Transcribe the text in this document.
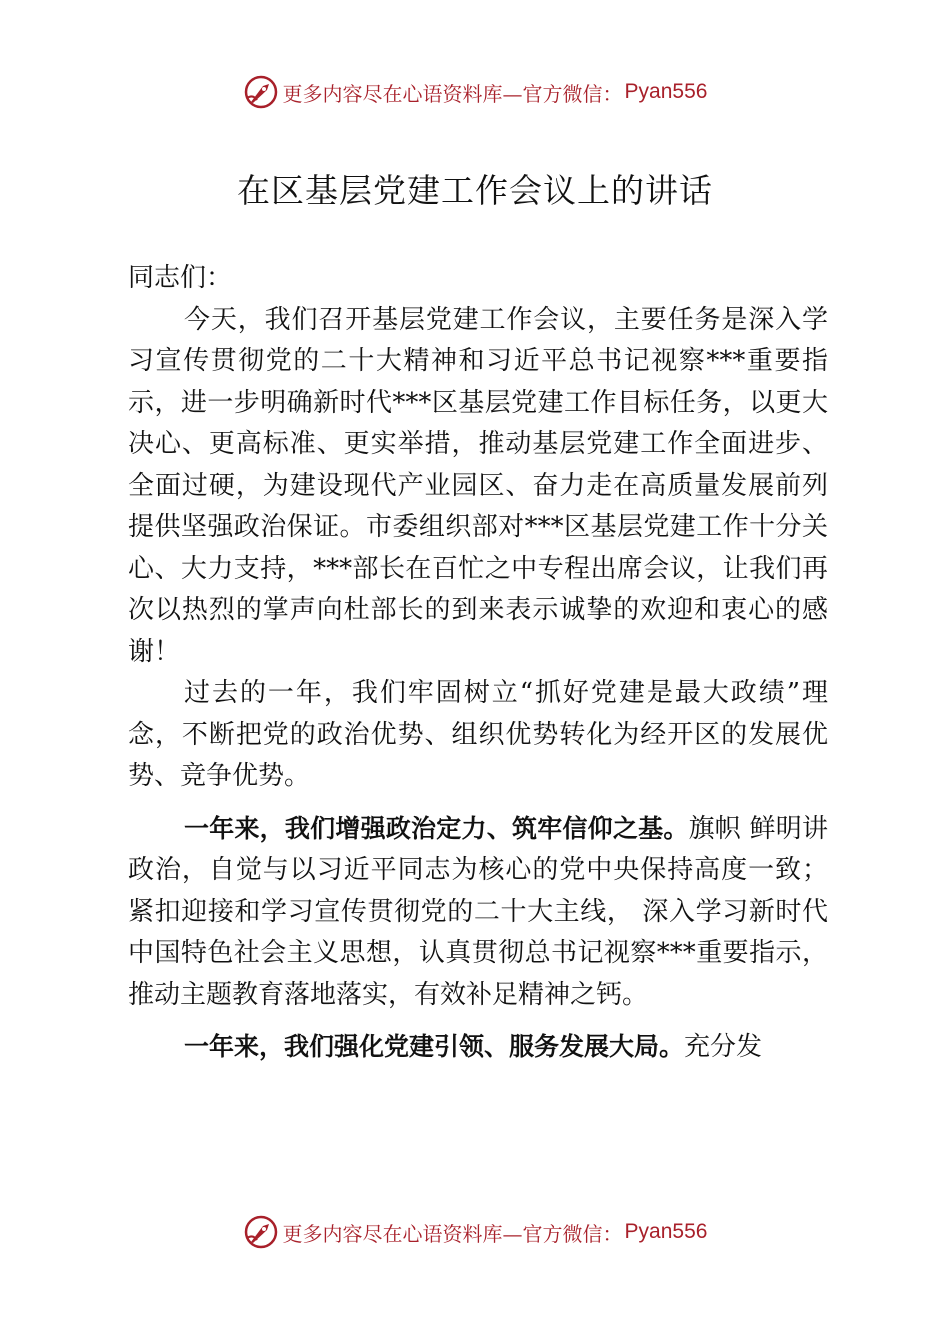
更多内容尽在心语资料库—官方微信： Pyan556
在区基层党建工作会议上的讲话

同志们：

今天，我们召开基层党建工作会议，主要任务是深入学习宣传贯彻党的二十大精神和习近平总书记视察***重要指示，进一步明确新时代***区基层党建工作目标任务，以更大决心、更高标准、更实举措，推动基层党建工作全面进步、全面过硬，为建设现代产业园区、奋力走在高质量发展前列提供坚强政治保证。市委组织部对***区基层党建工作十分关心、大力支持，***部长在百忙之中专程出席会议，让我们再次以热烈的掌声向杜部长的到来表示诚挚的欢迎和衷心的感谢！

过去的一年，我们牢固树立“抓好党建是最大政绩”理念，不断把党的政治优势、组织优势转化为经开区的发展优势、竞争优势。

一年来，我们增强政治定力、筑牢信仰之基。旗帜 鲜明讲政治，自觉与以习近平同志为核心的党中央保持高度一致；紧扣迎接和学习宣传贯彻党的二十大主线， 深入学习新时代中国特色社会主义思想，认真贯彻总书记视察***重要指示，推动主题教育落地落实，有效补足精神之钙。

一年来，我们强化党建引领、服务发展大局。充分发

更多内容尽在心语资料库—官方微信： Pyan556
